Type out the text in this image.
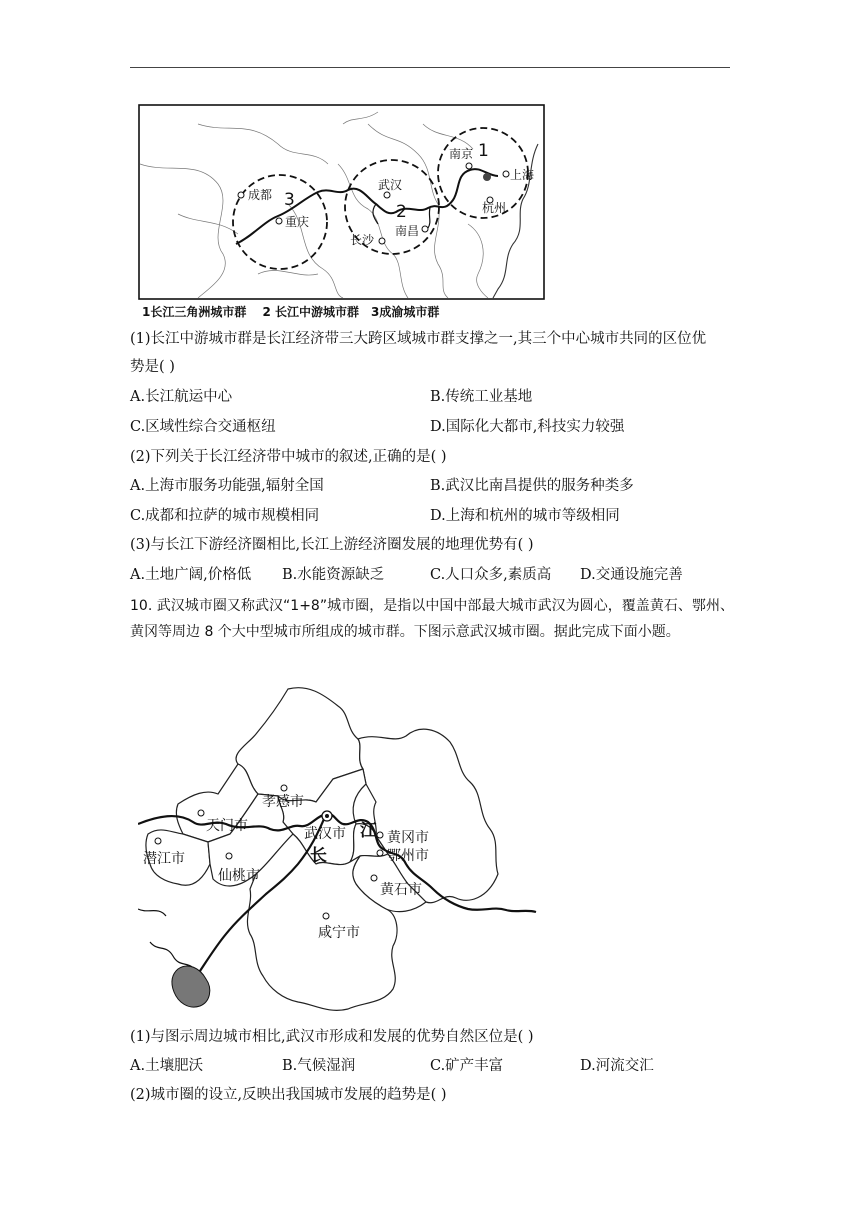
成都
重庆
武汉
长沙
南昌
南京
上海
杭州
1
2
3
1长江三角洲城市群　 2 长江中游城市群　3成渝城市群
(1)长江中游城市群是长江经济带三大跨区域城市群支撑之一,其三个中心城市共同的区位优
势是( )
A.长江航运中心	B.传统工业基地
C.区域性综合交通枢纽	D.国际化大都市,科技实力较强
(2)下列关于长江经济带中城市的叙述,正确的是( )
A.上海市服务功能强,辐射全国	B.武汉比南昌提供的服务种类多
C.成都和拉萨的城市规模相同	D.上海和杭州的城市等级相同
(3)与长江下游经济圈相比,长江上游经济圈发展的地理优势有( )
A.土地广阔,价格低 B.水能资源缺乏	C.人口众多,素质高 D.交通设施完善
10. 武汉城市圈又称武汉“1+8”城市圈，是指以中国中部最大城市武汉为圆心，覆盖黄石、鄂州、黄冈等周边 8 个大中型城市所组成的城市群。下图示意武汉城市圈。据此完成下面小题。
孝感市
天门市	武汉市	黄冈市
鄂州市
潜江市
仙桃市
黄石市
咸宁市
江
长
(1)与图示周边城市相比,武汉市形成和发展的优势自然区位是( )
A.土壤肥沃	B.气候湿润	C.矿产丰富	D.河流交汇
(2)城市圈的设立,反映出我国城市发展的趋势是( )
